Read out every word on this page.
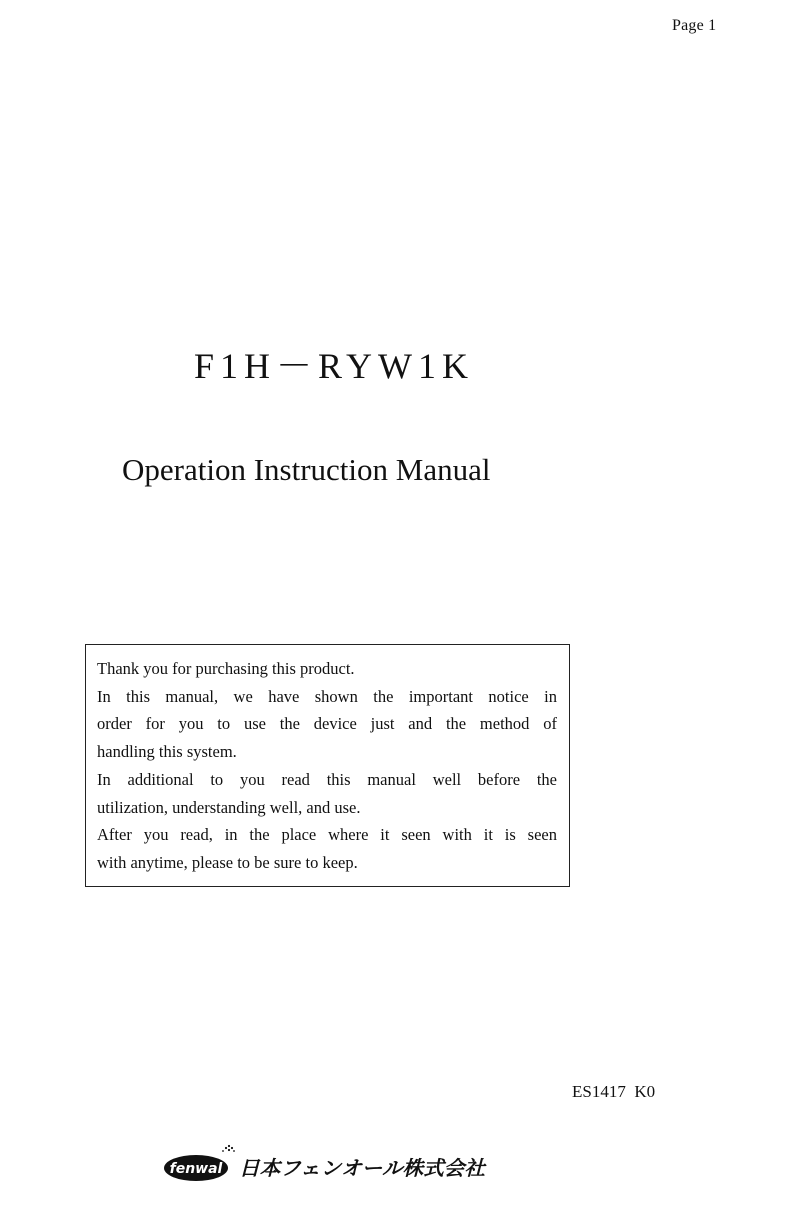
Page 1
F1H－RYW1K
Operation Instruction Manual
Thank you for purchasing this product.
In this manual, we have shown the important notice in
order for you to use the device just and the method of
handling this system.
In additional to you read this manual well before the
utilization, understanding well, and use.
After you read, in the place where it seen with it is seen
with anytime, please to be sure to keep.
ES1417  K0
fenwal 日本フェンオール株式会社
